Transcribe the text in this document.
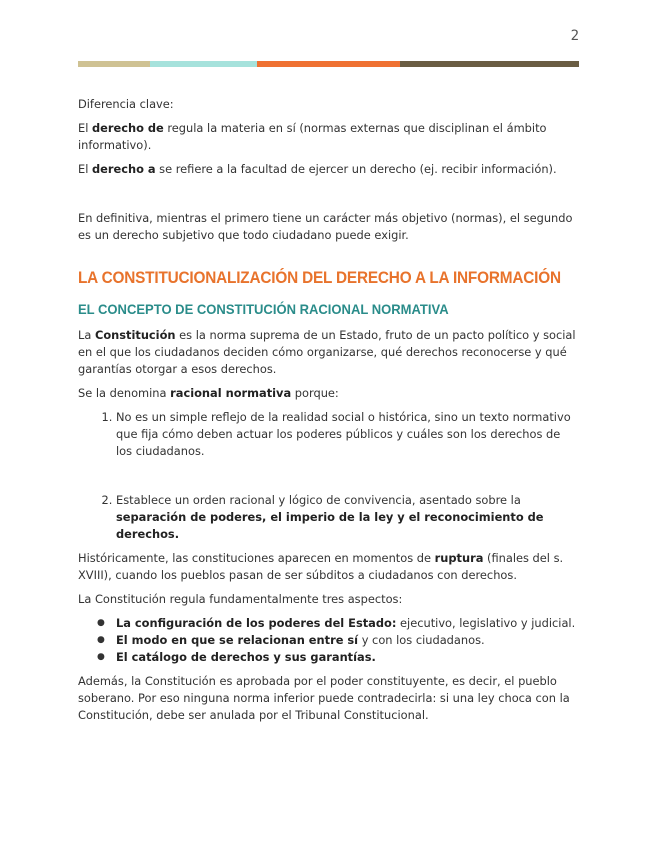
2

Diferencia clave:

El derecho de regula la materia en sí (normas externas que disciplinan el ámbito informativo).

El derecho a se refiere a la facultad de ejercer un derecho (ej. recibir información).

En definitiva, mientras el primero tiene un carácter más objetivo (normas), el segundo es un derecho subjetivo que todo ciudadano puede exigir.

LA CONSTITUCIONALIZACIÓN DEL DERECHO A LA INFORMACIÓN
EL CONCEPTO DE CONSTITUCIÓN RACIONAL NORMATIVA

La Constitución es la norma suprema de un Estado, fruto de un pacto político y social en el que los ciudadanos deciden cómo organizarse, qué derechos reconocerse y qué garantías otorgar a esos derechos.

Se la denomina racional normativa porque:

1. No es un simple reflejo de la realidad social o histórica, sino un texto normativo que fija cómo deben actuar los poderes públicos y cuáles son los derechos de los ciudadanos.
2. Establece un orden racional y lógico de convivencia, asentado sobre la separación de poderes, el imperio de la ley y el reconocimiento de derechos.

Históricamente, las constituciones aparecen en momentos de ruptura (finales del s. XVIII), cuando los pueblos pasan de ser súbditos a ciudadanos con derechos.

La Constitución regula fundamentalmente tres aspectos:

● La configuración de los poderes del Estado: ejecutivo, legislativo y judicial.
● El modo en que se relacionan entre sí y con los ciudadanos.
● El catálogo de derechos y sus garantías.

Además, la Constitución es aprobada por el poder constituyente, es decir, el pueblo soberano. Por eso ninguna norma inferior puede contradecirla: si una ley choca con la Constitución, debe ser anulada por el Tribunal Constitucional.
